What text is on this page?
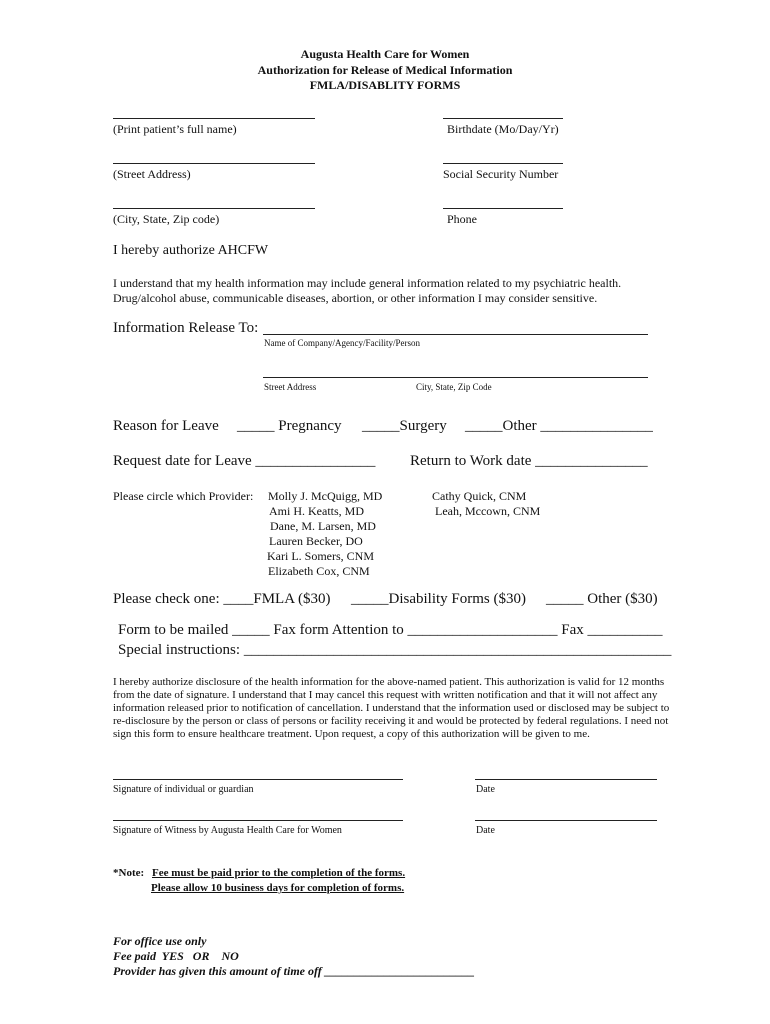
Augusta Health Care for Women
Authorization for Release of Medical Information
FMLA/DISABLITY FORMS
(Print patient’s full name)	Birthdate (Mo/Day/Yr)
(Street Address)	Social Security Number
(City, State, Zip code)	Phone
I hereby authorize AHCFW
I understand that my health information may include general information related to my psychiatric health.
Drug/alcohol abuse, communicable diseases, abortion, or other information I may consider sensitive.
Information Release To:
Name of Company/Agency/Facility/Person
Street Address	City, State, Zip Code
Reason for Leave _____ Pregnancy _____Surgery _____Other _______________
Request date for Leave ________________ Return to Work date _______________
Please circle which Provider: Molly J. McQuigg, MD
Ami H. Keatts, MD
Dane, M. Larsen, MD
Lauren Becker, DO
Kari L. Somers, CNM
Elizabeth Cox, CNM
Cathy Quick, CNM
Leah, Mccown, CNM
Please check one: ____FMLA ($30) _____Disability Forms ($30) _____ Other ($30)
Form to be mailed _____ Fax form Attention to ____________________ Fax __________
Special instructions: _________________________________________________________
I hereby authorize disclosure of the health information for the above-named patient. This authorization is valid for 12 months from the date of signature. I understand that I may cancel this request with written notification and that it will not affect any information released prior to notification of cancellation. I understand that the information used or disclosed may be subject to re-disclosure by the person or class of persons or facility receiving it and would be protected by federal regulations. I need not sign this form to ensure healthcare treatment. Upon request, a copy of this authorization will be given to me.
Signature of individual or guardian	Date
Signature of Witness by Augusta Health Care for Women	Date
*Note: Fee must be paid prior to the completion of the forms.
Please allow 10 business days for completion of forms.
For office use only
Fee paid  YES   OR    NO
Provider has given this amount of time off _________________________
